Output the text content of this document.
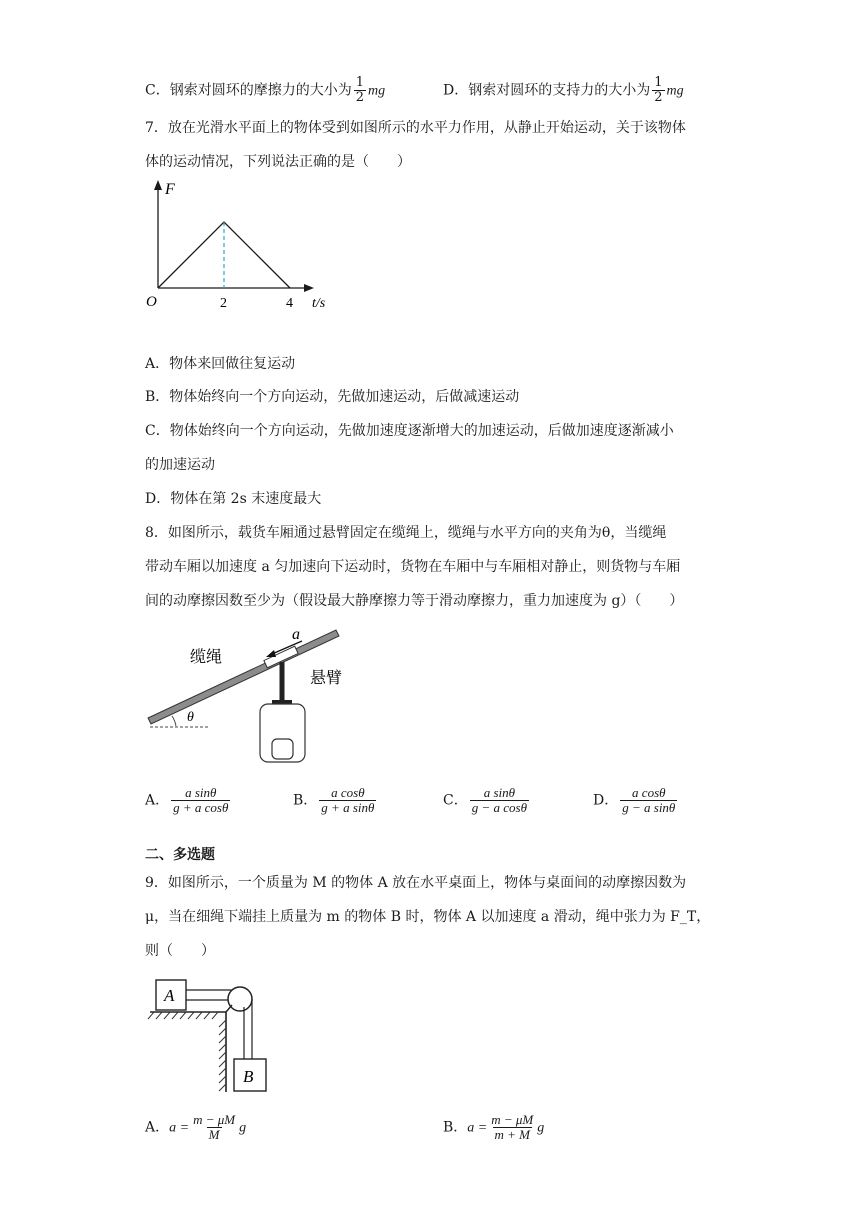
C．钢索对圆环的摩擦力的大小为 $\frac{1}{2}$ mg	D．钢索对圆环的支持力的大小为 $\frac{1}{2}$ mg
7．放在光滑水平面上的物体受到如图所示的水平力作用，从静止开始运动，关于该物体
体的运动情况，下列说法正确的是（　　）
F
O	2	4 t/s
A．物体来回做往复运动
B．物体始终向一个方向运动，先做加速运动，后做减速运动
C．物体始终向一个方向运动，先做加速度逐渐增大的加速运动，后做加速度逐渐减小
的加速运动
D．物体在第 2s 末速度最大
8．如图所示，载货车厢通过悬臂固定在缆绳上，缆绳与水平方向的夹角为θ，当缆绳
带动车厢以加速度 a 匀加速向下运动时，货物在车厢中与车厢相对静止，则货物与车厢
间的动摩擦因数至少为（假设最大静摩擦力等于滑动摩擦力，重力加速度为 g）（　　）
缆绳
悬臂
a
θ
A． $\frac{\text{a sinθ}}{\text{g + a cosθ}}$	B． $\frac{\text{a cosθ}}{\text{g + a sinθ}}$	C． $\frac{\text{a sinθ}}{\text{g − a cosθ}}$	D． $\frac{\text{a cosθ}}{\text{g − a sinθ}}$
二、多选题
9．如图所示，一个质量为 M 的物体 A 放在水平桌面上，物体与桌面间的动摩擦因数为
μ，当在细绳下端挂上质量为 m 的物体 B 时，物体 A 以加速度 a 滑动，绳中张力为 F_T，
则（　　）
A
B
A．$a = \frac{m - \mu M}{M}$ g	B．$a = \frac{m - \mu M}{m + M}$ g
